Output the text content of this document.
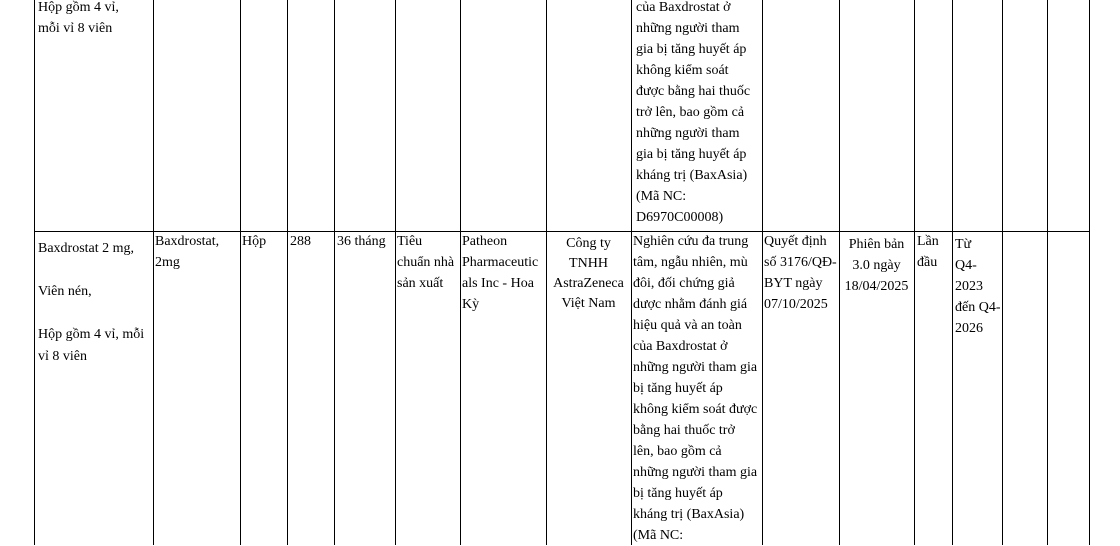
Hộp gồm 4 vỉ,
mỗi vỉ 8 viên
của Baxdrostat ở
những người tham
gia bị tăng huyết áp
không kiểm soát
được bằng hai thuốc
trở lên, bao gồm cả
những người tham
gia bị tăng huyết áp
kháng trị (BaxAsia)
(Mã NC:
D6970C00008)
Baxdrostat 2 mg,

Viên nén,

Hộp gồm 4 vỉ, mỗi
vỉ 8 viên
Baxdrostat,
2mg
Hộp	288	36 tháng Tiêu
chuẩn nhà
sản xuất
Patheon
Pharmaceutic
als Inc - Hoa
Kỳ
Công ty
TNHH
AstraZeneca
Việt Nam
Nghiên cứu đa trung
tâm, ngẫu nhiên, mù
đôi, đối chứng giả
dược nhằm đánh giá
hiệu quả và an toàn
của Baxdrostat ở
những người tham gia
bị tăng huyết áp
không kiểm soát được
bằng hai thuốc trở
lên, bao gồm cả
những người tham gia
bị tăng huyết áp
kháng trị (BaxAsia)
(Mã NC:
Quyết định
số 3176/QĐ-
BYT ngày
07/10/2025
Phiên bản
3.0 ngày
18/04/2025
Lần
đầu
Từ
Q4-
2023
đến Q4-
2026
